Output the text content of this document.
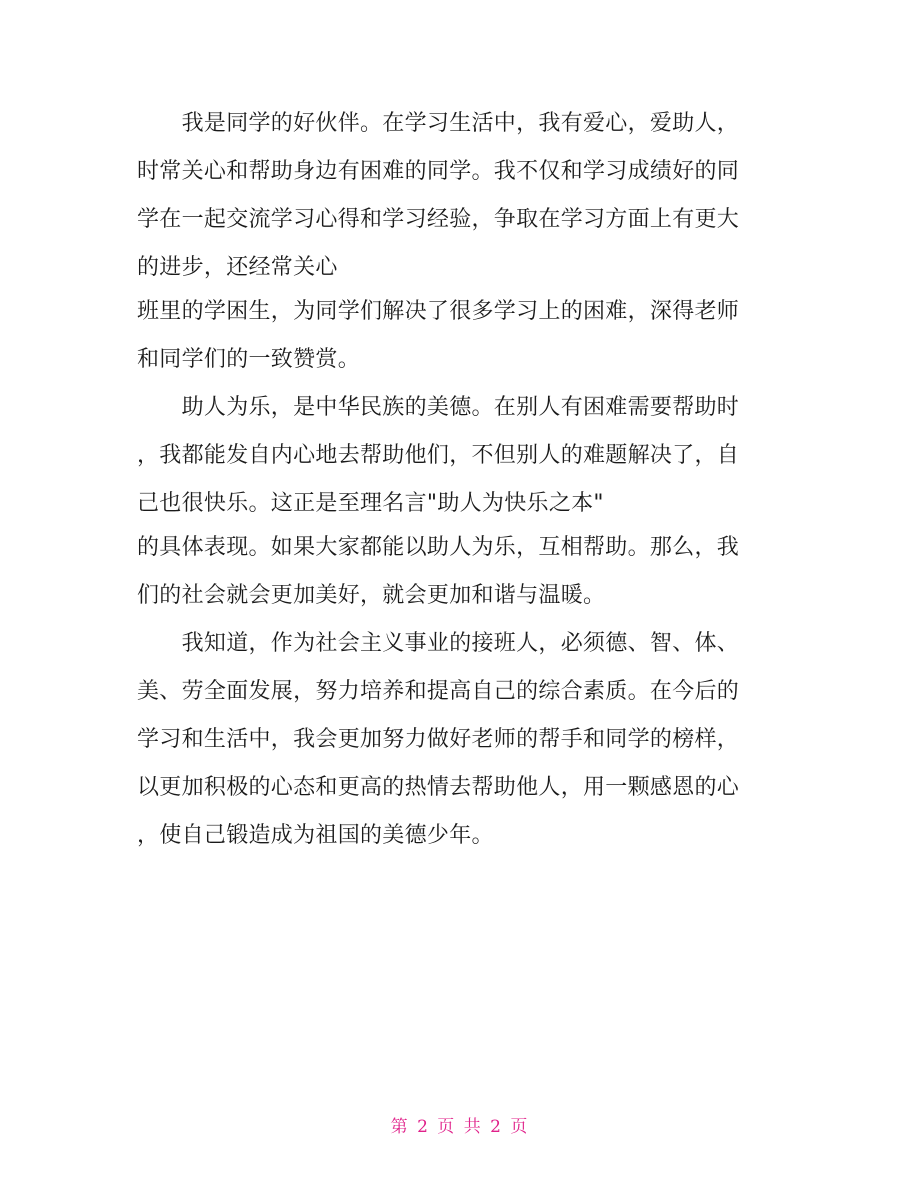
　　我是同学的好伙伴。在学习生活中，我有爱心，爱助人，
时常关心和帮助身边有困难的同学。我不仅和学习成绩好的同
学在一起交流学习心得和学习经验，争取在学习方面上有更大
的进步，还经常关心
班里的学困生，为同学们解决了很多学习上的困难，深得老师
和同学们的一致赞赏。
　　助人为乐，是中华民族的美德。在别人有困难需要帮助时
，我都能发自内心地去帮助他们，不但别人的难题解决了，自
己也很快乐。这正是至理名言"助人为快乐之本"
的具体表现。如果大家都能以助人为乐，互相帮助。那么，我
们的社会就会更加美好，就会更加和谐与温暖。
　　我知道，作为社会主义事业的接班人，必须德、智、体、
美、劳全面发展，努力培养和提高自己的综合素质。在今后的
学习和生活中，我会更加努力做好老师的帮手和同学的榜样，
以更加积极的心态和更高的热情去帮助他人，用一颗感恩的心
，使自己锻造成为祖国的美德少年。
第 2 页 共 2 页
